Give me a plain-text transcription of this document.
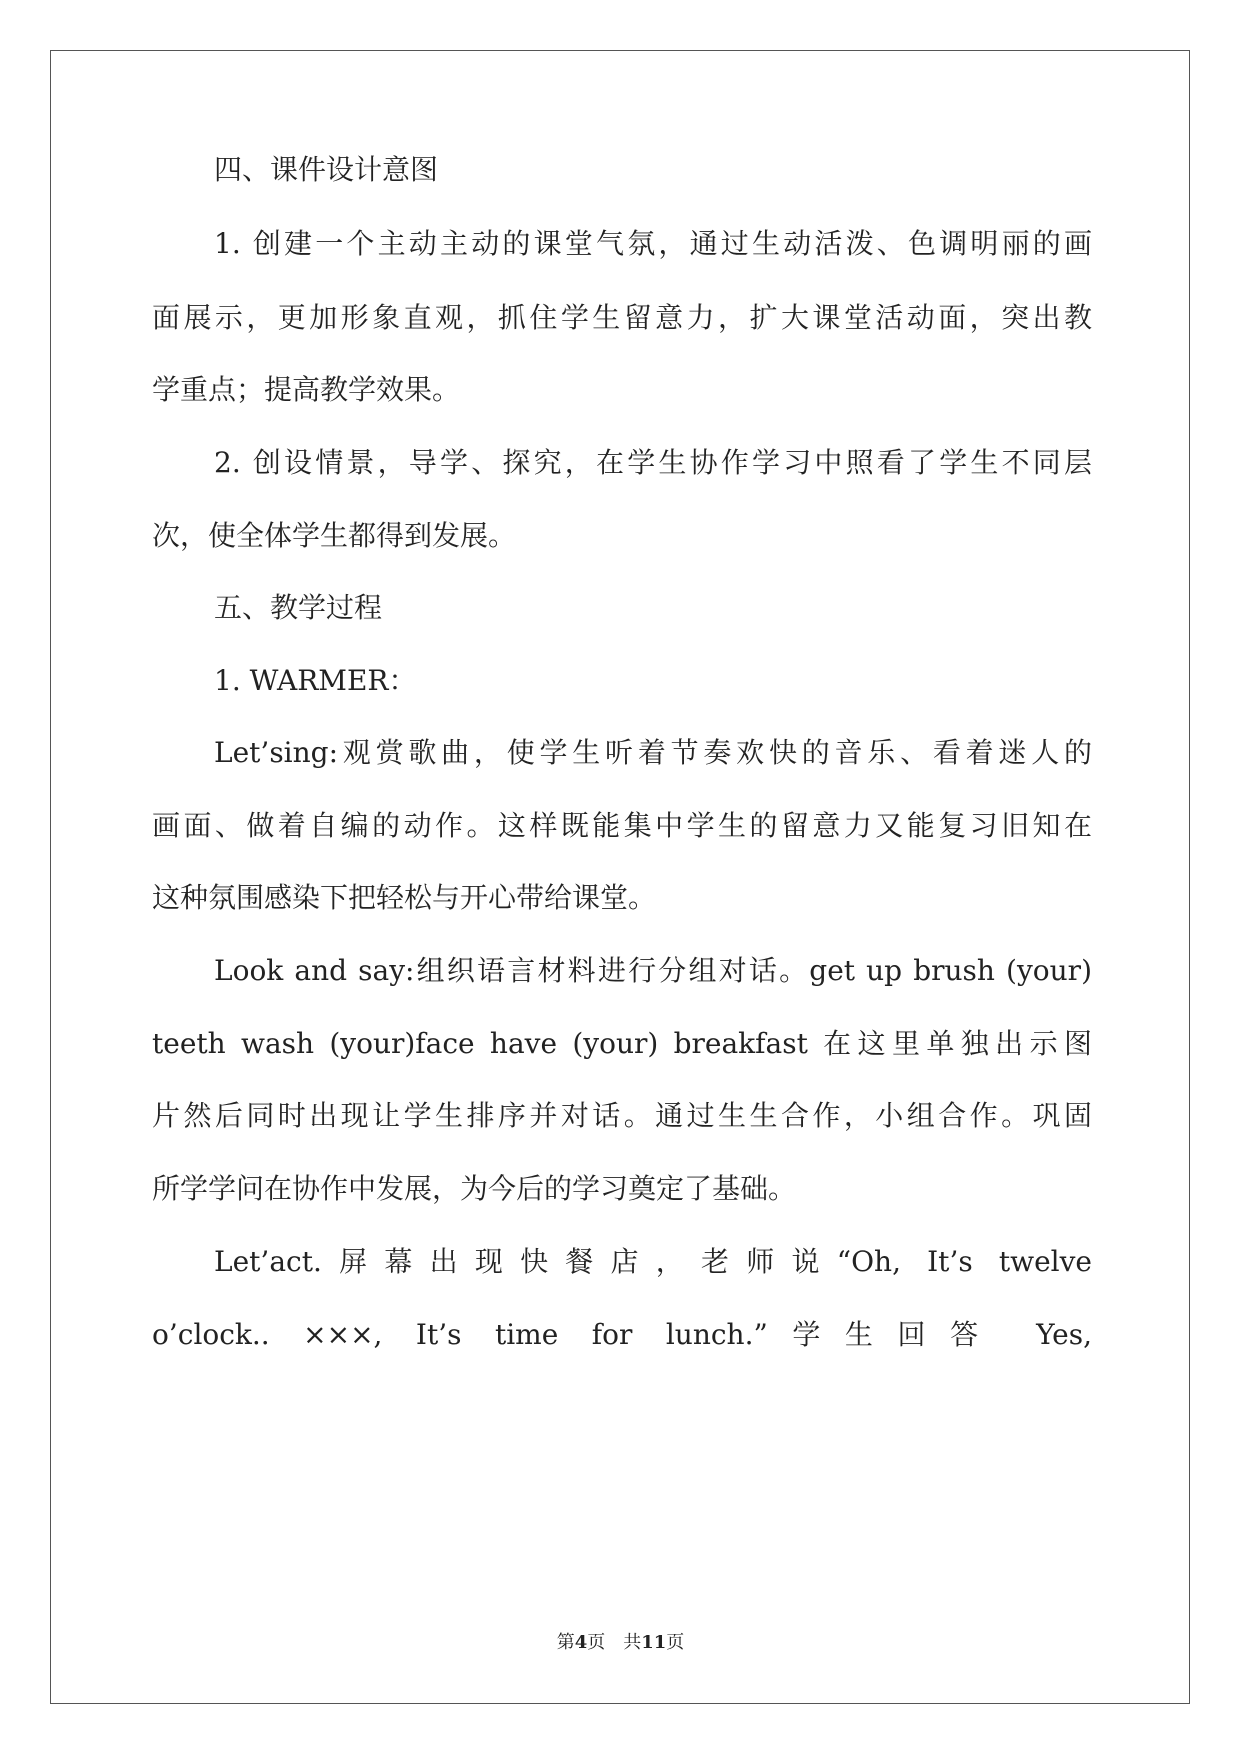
四、课件设计意图
1. 创建一个主动主动的课堂气氛，通过生动活泼、色调明丽的画
面展示，更加形象直观，抓住学生留意力，扩大课堂活动面，突出教
学重点；提高教学效果。
2. 创设情景，导学、探究，在学生协作学习中照看了学生不同层
次，使全体学生都得到发展。
五、教学过程
1. WARMER：
Let’sing:观赏歌曲，使学生听着节奏欢快的音乐、看着迷人的
画面、做着自编的动作。这样既能集中学生的留意力又能复习旧知在
这种氛围感染下把轻松与开心带给课堂。
Look and say:组织语言材料进行分组对话。get up brush (your)
teeth wash (your)face have (your) breakfast 在这里单独出示图
片然后同时出现让学生排序并对话。通过生生合作，小组合作。巩固
所学学问在协作中发展，为今后的学习奠定了基础。
Let’act.屏幕出现快餐店，老师说“Oh, It’s twelve
o’clock.. ×××, It’s time for lunch.”学生回答 Yes,
第4页　共11页
